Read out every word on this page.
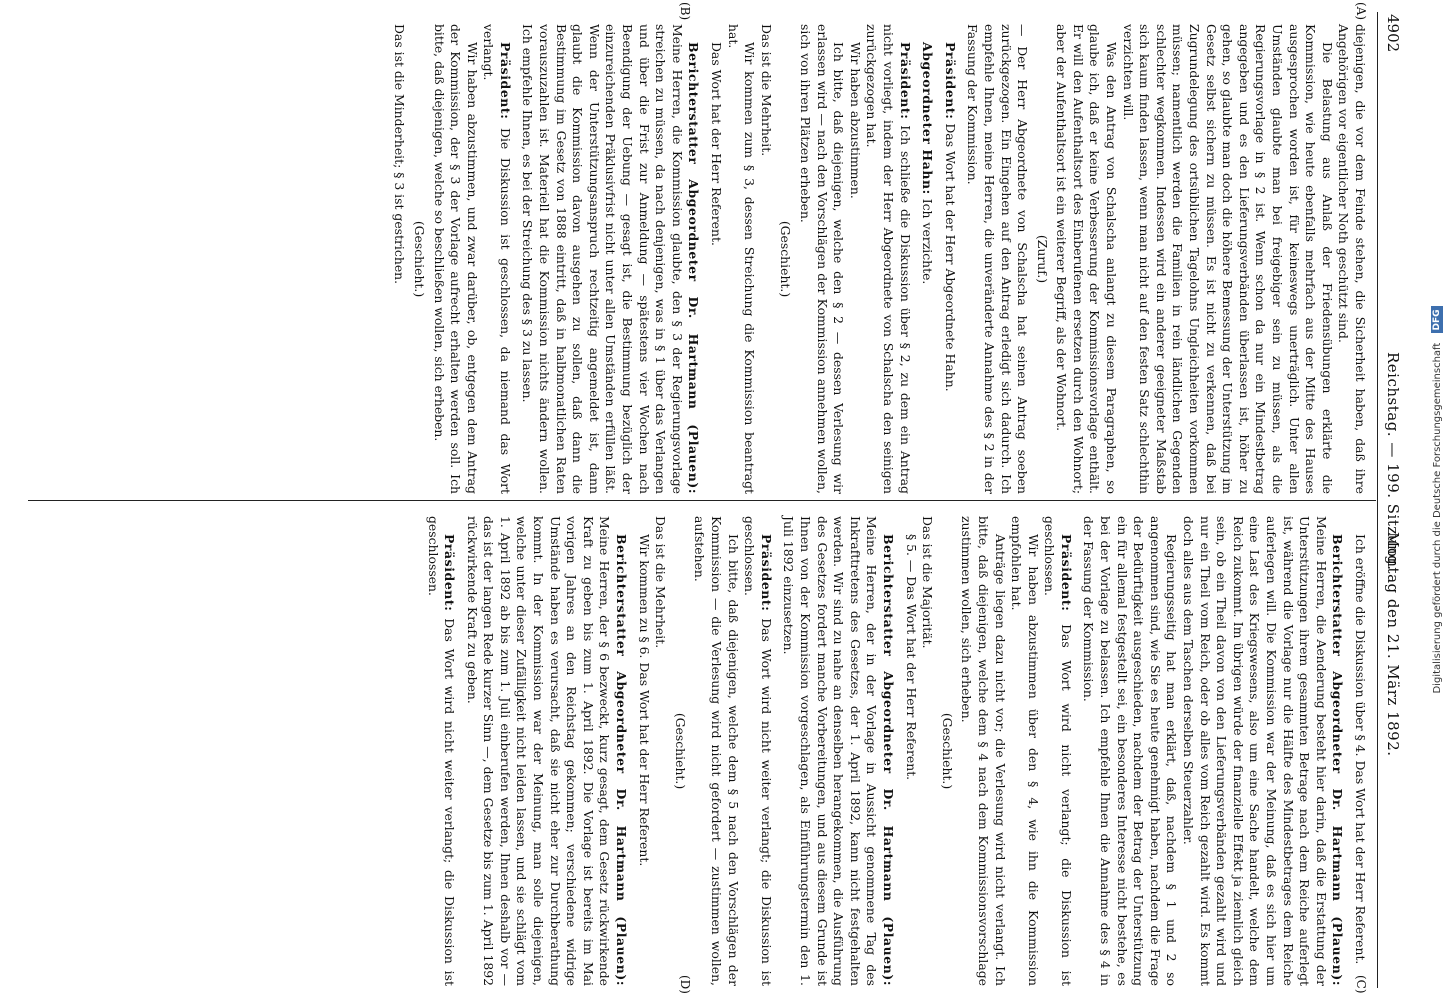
4902
Reichstag. — 199. Sitzung.
Montag den 21. März 1892.
(A)
(B)
(C)
(D)

diejenigen, die vor dem Feinde stehen, die Sicherheit haben, daß ihre Angehörigen vor eigentlicher Noth geschützt sind.

Die Belastung aus Anlaß der Friedensübungen erklärte die Kommission, wie heute ebenfalls mehrfach aus der Mitte des Hauses ausgesprochen worden ist, für keineswegs unerträglich. Unter allen Umständen glaubte man bei freigebiger sein zu müssen, als die Regierungsvorlage in § 2 ist. Wenn schon da nur ein Mindestbetrag angegeben und es den Lieferungsverbänden überlassen ist, höher zu gehen, so glaubte man doch die höhere Bemessung der Unterstützung im Gesetz selbst sichern zu müssen. Es ist nicht zu verkennen, daß bei Zugrundelegung des ortsüblichen Tagelohns Ungleichheiten vorkommen müssen; namentlich werden die Familien in rein ländlichen Gegenden schlechter wegkommen. Indessen wird ein anderer geeigneter Maßstab sich kaum finden lassen, wenn man nicht auf den festen Satz schlechthin verzichten will.

Was den Antrag von Schalscha anlangt zu diesem Paragraphen, so glaube ich, daß er keine Verbesserung der Kommissionsvorlage enthält. Er will den Aufenthaltsort des Einberufenen ersetzen durch den Wohnort; aber der Aufenthaltsort ist ein weiterer Begriff, als der Wohnort.

(Zuruf.)

— Der Herr Abgeordnete von Schalscha hat seinen Antrag soeben zurückgezogen. Ein Eingehen auf den Antrag erledigt sich dadurch. Ich empfehle Ihnen, meine Herren, die unveränderte Annahme des § 2 in der Fassung der Kommission.

Präsident: Das Wort hat der Herr Abgeordnete Hahn.

Abgeordneter Hahn: Ich verzichte.

Präsident: Ich schließe die Diskussion über § 2, zu dem ein Antrag nicht vorliegt, indem der Herr Abgeordnete von Schalscha den seinigen zurückgezogen hat.

Wir haben abzustimmen.

Ich bitte, daß diejenigen, welche den § 2 — dessen Verlesung wir erlassen wird — nach den Vorschlägen der Kommission annehmen wollen, sich von ihren Plätzen erheben.

(Geschieht.)

Das ist die Mehrheit.

Wir kommen zum § 3, dessen Streichung die Kommission beantragt hat.

Das Wort hat der Herr Referent.

Berichterstatter Abgeordneter Dr. Hartmann (Plauen): Meine Herren, die Kommission glaubte, den § 3 der Regierungsvorlage streichen zu müssen, da nach denjenigen, was in § 1 über das Verlangen und über die Frist zur Anmeldung — spätestens vier Wochen nach Beendigung der Uebung — gesagt ist, die Bestimmung bezüglich der einzureichenden Präklusivfrist nicht unter allen Umständen erfüllen läßt. Wenn der Unterstützungsanspruch rechtzeitig angemeldet ist, dann glaubt die Kommission davon ausgehen zu sollen, daß dann die Bestimmung im Gesetz von 1888 eintritt, daß in halbmonatlichen Raten vorauszuzahlen ist. Materiell hat die Kommission nichts ändern wollen. Ich empfehle Ihnen, es bei der Streichung des § 3 zu lassen.

Präsident: Die Diskussion ist geschlossen, da niemand das Wort verlangt.

Wir haben abzustimmen, und zwar darüber, ob, entgegen dem Antrag der Kommission, der § 3 der Vorlage aufrecht erhalten werden soll. Ich bitte, daß diejenigen, welche so beschließen wollen, sich erheben.

(Geschieht.)

Das ist die Minderheit; § 3 ist gestrichen.

Ich eröffne die Diskussion über § 4. Das Wort hat der Herr Referent.

Berichterstatter Abgeordneter Dr. Hartmann (Plauen): Meine Herren, die Aenderung besteht hier darin, daß die Erstattung der Unterstützungen ihrem gesammten Betrage nach dem Reiche auferlegt ist, während die Vorlage nur die Hälfte des Mindestbetrages dem Reiche auferlegen will. Die Kommission war der Meinung, daß es sich hier um eine Last des Kriegswesens, also um eine Sache handelt, welche dem Reich zukommt. Im übrigen würde der finanzielle Effekt ja ziemlich gleich sein, ob ein Theil davon von den Lieferungsverbänden gezahlt wird und nur ein Theil vom Reich, oder ob alles vom Reich gezahlt wird. Es kommt doch alles aus dem Taschen derselben Steuerzahler.

Regierungsseitig hat man erklärt, daß, nachdem § 1 und 2 so angenommen sind, wie Sie es heute genehmigt haben, nachdem die Frage der Bedürftigkeit ausgeschieden, nachdem der Betrag der Unterstützung ein für allemal festgestellt sei, ein besonderes Interesse nicht bestehe, es bei der Vorlage zu belassen. Ich empfehle Ihnen die Annahme des § 4 in der Fassung der Kommission.

Präsident: Das Wort wird nicht verlangt; die Diskussion ist geschlossen.

Wir haben abzustimmen über den § 4, wie ihn die Kommission empfohlen hat.

Anträge liegen dazu nicht vor; die Verlesung wird nicht verlangt. Ich bitte, daß diejenigen, welche dem § 4 nach dem Kommissionsvorschlage zustimmen wollen, sich erheben.

(Geschieht.)

Das ist die Majorität.

§ 5. — Das Wort hat der Herr Referent.

Berichterstatter Abgeordneter Dr. Hartmann (Plauen): Meine Herren, der in der Vorlage in Aussicht genommene Tag des Inkrafttretens des Gesetzes, der 1. April 1892, kann nicht festgehalten werden. Wir sind zu nahe an denselben herangekommen, die Ausführung des Gesetzes fordert manche Vorbereitungen, und aus diesem Grunde ist Ihnen von der Kommission vorgeschlagen, als Einführungstermin den 1. Juli 1892 einzusetzen.

Präsident: Das Wort wird nicht weiter verlangt; die Diskussion ist geschlossen.

Ich bitte, daß diejenigen, welche dem § 5 nach den Vorschlägen der Kommission — die Verlesung wird nicht gefordert — zustimmen wollen, aufstehen.

(Geschieht.)

Das ist die Mehrheit.

Wir kommen zu § 6. Das Wort hat der Herr Referent.

Berichterstatter Abgeordneter Dr. Hartmann (Plauen): Meine Herren, der § 6 bezweckt, kurz gesagt, dem Gesetz rückwirkende Kraft zu geben bis zum 1. April 1892. Die Vorlage ist bereits im Mai vorigen Jahres an den Reichstag gekommen; verschiedene widrige Umstände haben es verursacht, daß sie nicht eher zur Durchberathung kommt. In der Kommission war der Meinung, man solle diejenigen, welche unter dieser Zufälligkeit nicht leiden lassen, und sie schlägt vom 1. April 1892 ab bis zum 1. Juli einberufen werden, Ihnen deshalb vor — das ist der langen Rede kurzer Sinn —, dem Gesetze bis zum 1. April 1892 rückwirkende Kraft zu geben.

Präsident: Das Wort wird nicht weiter verlangt; die Diskussion ist geschlossen.	Digitalisierung gefördert durch die Deutsche Forschungsgemeinschaft DFG
